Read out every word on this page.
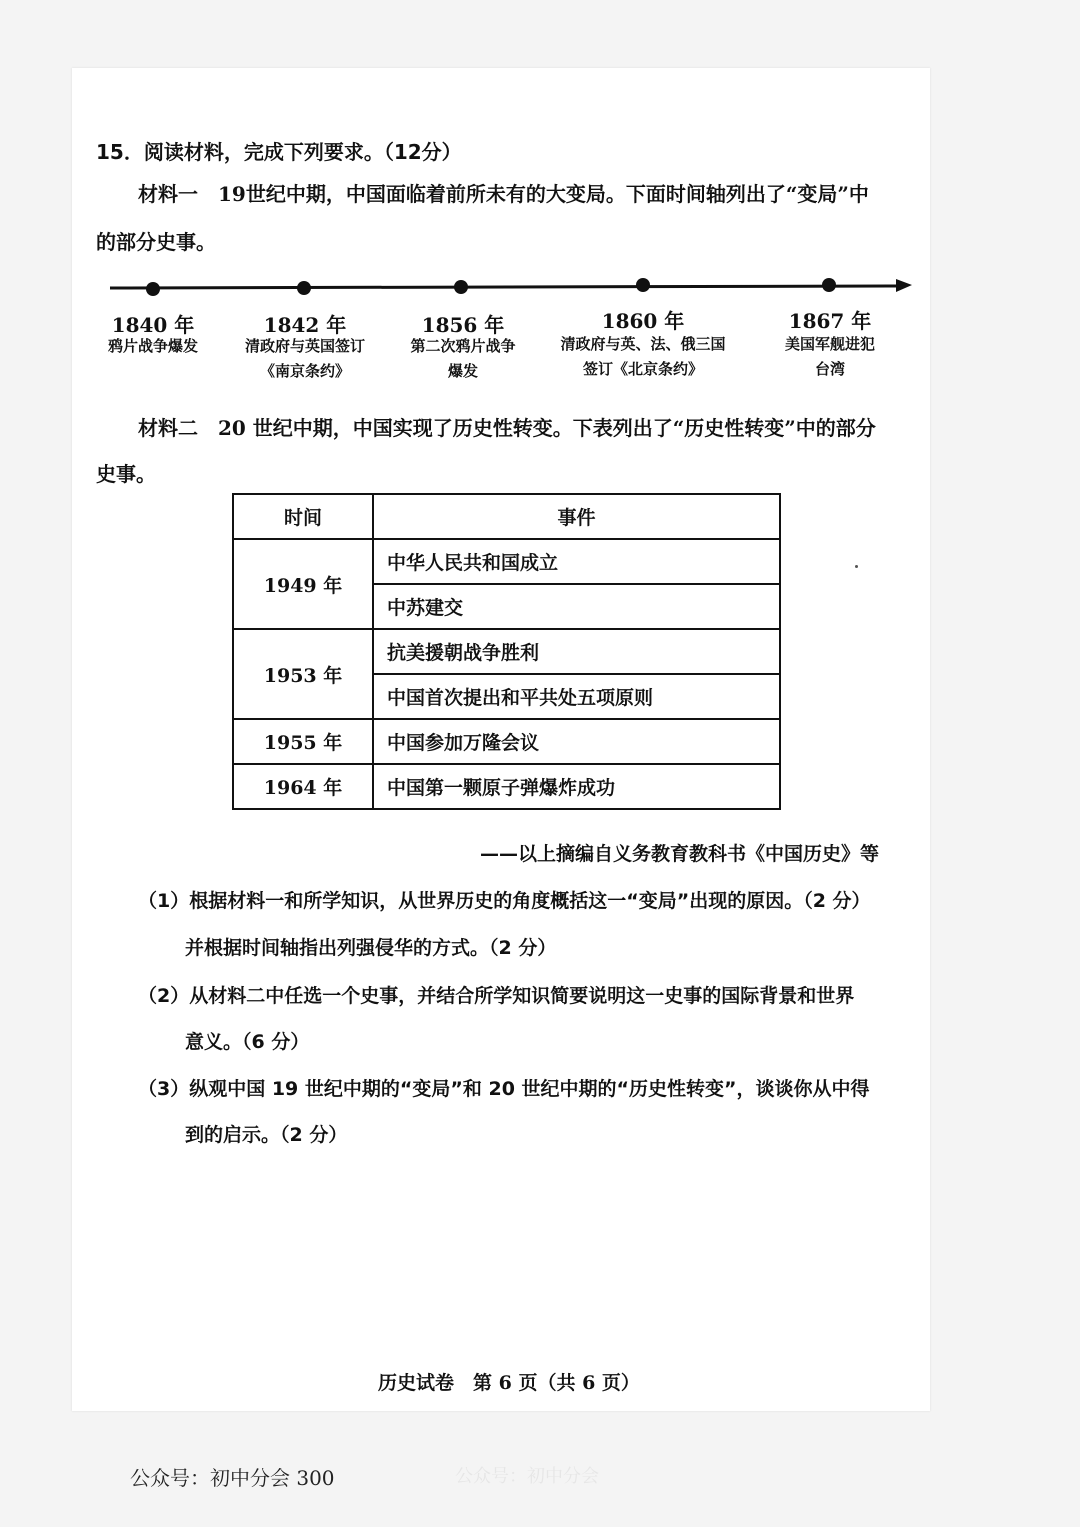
15．阅读材料，完成下列要求。（12分）
材料一　19世纪中期，中国面临着前所未有的大变局。下面时间轴列出了“变局”中
的部分史事。
1840 年
鸦片战争爆发
1842 年
清政府与英国签订
《南京条约》
1856 年
第二次鸦片战争
爆发
1860 年
清政府与英、法、俄三国
签订《北京条约》
1867 年
美国军舰进犯
台湾
材料二　20 世纪中期，中国实现了历史性转变。下表列出了“历史性转变”中的部分
史事。
时间	事件
1949 年	中华人民共和国成立
	中苏建交
1953 年	抗美援朝战争胜利
	中国首次提出和平共处五项原则
1955 年	中国参加万隆会议
1964 年	中国第一颗原子弹爆炸成功
——以上摘编自义务教育教科书《中国历史》等
（1）根据材料一和所学知识，从世界历史的角度概括这一“变局”出现的原因。（2 分）
并根据时间轴指出列强侵华的方式。（2 分）
（2）从材料二中任选一个史事，并结合所学知识简要说明这一史事的国际背景和世界
意义。（6 分）
（3）纵观中国 19 世纪中期的“变局”和 20 世纪中期的“历史性转变”，谈谈你从中得
到的启示。（2 分）
历史试卷　第 6 页（共 6 页）
公众号：初中分会 300	公众号：初中分会
